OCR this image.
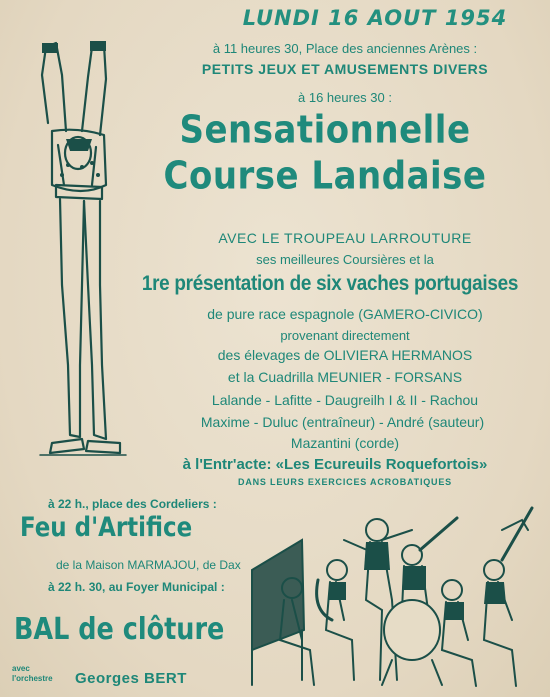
LUNDI 16 AOUT 1954
à 11 heures 30, Place des anciennes Arènes :
PETITS JEUX ET AMUSEMENTS DIVERS
à 16 heures 30 :
Sensationnelle
Course Landaise
AVEC LE TROUPEAU LARROUTURE
ses meilleures Coursières et la
1re présentation de six vaches portugaises
de pure race espagnole (GAMERO-CIVICO)
provenant directement
des élevages de OLIVIERA HERMANOS
et la Cuadrilla MEUNIER - FORSANS
Lalande - Lafitte - Daugreilh I & II - Rachou
Maxime - Duluc (entraîneur) - André (sauteur)
Mazantini (corde)
à l'Entr'acte: «Les Ecureuils Roquefortois»
DANS LEURS EXERCICES ACROBATIQUES
à 22 h., place des Cordeliers :
Feu d'Artifice
de la Maison MARMAJOU, de Dax
à 22 h. 30, au Foyer Municipal :
BAL de clôture
avec
l'orchestre Georges BERT
